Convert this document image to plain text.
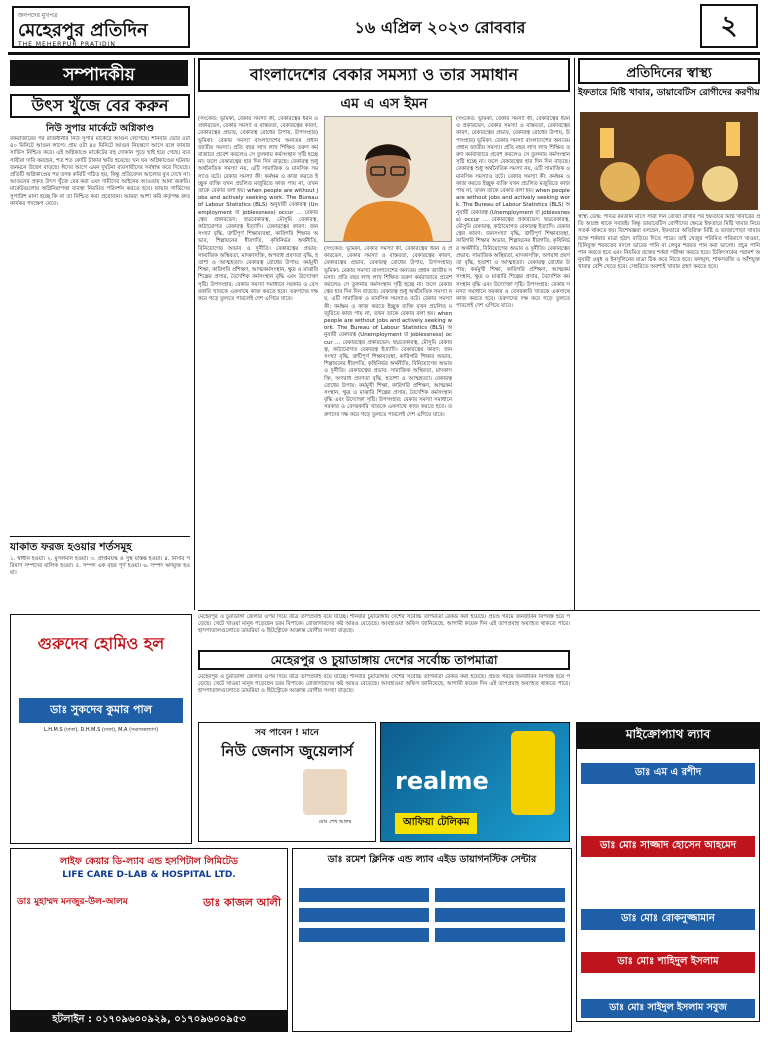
জনপদের মুখপত্র
মেহেরপুর প্রতিদিন
THE MEHERPUR PRATIDIN
১৬ এপ্রিল ২০২৩ রোববার	২
সম্পাদকীয়
উৎস খুঁজে বের করুন
নিউ সুপার মার্কেটে অগ্নিকাণ্ড
বকবাজারের পর রাজধানীর নিউ সুপার মার্কেটে আগুন লেগেছে। শনিবার ভোর ৫টা ৪০ মিনিটে আগুন লাগে। প্রায় ৫টা ৪৫ মিনিটে আগুন নিয়ন্ত্রণে আসে বলে ফায়ার সার্ভিস নিশ্চিত করে। এই অগ্নিকাণ্ডে মার্কেটের বহু দোকান পুড়ে ছাই হয়ে গেছে। ব্যবসায়ীরা দাবি করছেন, শত শত কোটি টাকার ক্ষতি হয়েছে। ঘন ঘন অগ্নিকাণ্ডের ঘটনায় জনমনে উদ্বেগ বাড়ছে। ঈদের আগে এমন দুর্ঘটনা ব্যবসায়ীদের সর্বস্বান্ত করে দিয়েছে। প্রতিটি অগ্নিকাণ্ডের পর তদন্ত কমিটি গঠিত হয়, কিন্তু প্রতিবেদন আলোর মুখ দেখে না। আগুনের প্রকৃত উৎস খুঁজে বের করা এবং দায়ীদের আইনের আওতায় আনা জরুরি। মার্কেটগুলোর অগ্নিনিরাপত্তা ব্যবস্থা নিয়মিত পরিদর্শন করতে হবে। ফায়ার সার্ভিসের সুপারিশ মানা হচ্ছে কি না তা নিশ্চিত করা প্রয়োজন। আমরা আশা করি কর্তৃপক্ষ দ্রুত কার্যকর পদক্ষেপ নেবে।
যাকাত ফরজ হওয়ার শর্তসমূহ
১. স্বাধীন হওয়া। ২. মুসলমান হওয়া। ৩. প্রাপ্তবয়স্ক ও সুস্থ মস্তিষ্ক হওয়া। ৪. নিসাব পরিমাণ সম্পদের মালিক হওয়া। ৫. সম্পদ এক বছর পূর্ণ হওয়া। ৬. সম্পদ ঋণমুক্ত হওয়া।
বাংলাদেশের বেকার সমস্যা ও তার সমাধান
এম এ এস ইমন
(সংকেত: ভূমিকা, বেকার সমস্যা কী, বেকারত্বের ধরন ও প্রকারভেদ, বেকার সমস্যা ও বাস্তবতা, বেকারত্বের কারণ, বেকারত্বের প্রভাব, বেকারত্ব রোধের উপায়, উপসংহার) ভূমিকা: বেকার সমস্যা বাংলাদেশের অন্যতম প্রধান জাতীয় সমস্যা। প্রতি বছর লাখ লাখ শিক্ষিত তরুণ কর্মবাজারে প্রবেশ করলেও সে তুলনায় কর্মসংস্থান সৃষ্টি হচ্ছে না। ফলে বেকারত্বের হার দিন দিন বাড়ছে। বেকারত্ব শুধু অর্থনৈতিক সমস্যা নয়, এটি সামাজিক ও মানসিক সমস্যাও বটে। বেকার সমস্যা কী: কর্মক্ষম ও কাজ করতে ইচ্ছুক ব্যক্তি যখন প্রচলিত মজুরিতে কাজ পায় না, তখন তাকে বেকার বলা হয়। when people are without jobs and actively seeking work. The Bureau of Labour Statistics (BLS) অনুযায়ী বেকারত্ব (Unemployment বা joblessness) occur ... বেকারত্বের প্রকারভেদ: ছদ্মবেকারত্ব, মৌসুমি বেকারত্ব, কাঠামোগত বেকারত্ব ইত্যাদি। বেকারত্বের কারণ: জনসংখ্যা বৃদ্ধি, ত্রুটিপূর্ণ শিক্ষাব্যবস্থা, কারিগরি শিক্ষার অভাব, শিল্পায়নের ধীরগতি, কৃষিনির্ভর অর্থনীতি, বিনিয়োগের অভাব ও দুর্নীতি। বেকারত্বের প্রভাব: সামাজিক অস্থিরতা, মাদকাসক্তি, অপরাধ প্রবণতা বৃদ্ধি, হতাশা ও আত্মহত্যা। বেকারত্ব রোধের উপায়: কর্মমুখী শিক্ষা, কারিগরি প্রশিক্ষণ, আত্মকর্মসংস্থান, ক্ষুদ্র ও মাঝারি শিল্পের প্রসার, বৈদেশিক কর্মসংস্থান বৃদ্ধি এবং উদ্যোক্তা সৃষ্টি। উপসংহার: বেকার সমস্যা সমাধানে সরকার ও বেসরকারি খাতকে একসাথে কাজ করতে হবে। তরুণদের দক্ষ করে গড়ে তুলতে পারলেই দেশ এগিয়ে যাবে।
(সংকেত: ভূমিকা, বেকার সমস্যা কী, বেকারত্বের ধরন ও প্রকারভেদ, বেকার সমস্যা ও বাস্তবতা, বেকারত্বের কারণ, বেকারত্বের প্রভাব, বেকারত্ব রোধের উপায়, উপসংহার) ভূমিকা: বেকার সমস্যা বাংলাদেশের অন্যতম প্রধান জাতীয় সমস্যা। প্রতি বছর লাখ লাখ শিক্ষিত তরুণ কর্মবাজারে প্রবেশ করলেও সে তুলনায় কর্মসংস্থান সৃষ্টি হচ্ছে না। ফলে বেকারত্বের হার দিন দিন বাড়ছে। বেকারত্ব শুধু অর্থনৈতিক সমস্যা নয়, এটি সামাজিক ও মানসিক সমস্যাও বটে। বেকার সমস্যা কী: কর্মক্ষম ও কাজ করতে ইচ্ছুক ব্যক্তি যখন প্রচলিত মজুরিতে কাজ পায় না, তখন তাকে বেকার বলা হয়। when people are without jobs and actively seeking work. The Bureau of Labour Statistics (BLS) অনুযায়ী বেকারত্ব (Unemployment বা joblessness) occur ... বেকারত্বের প্রকারভেদ: ছদ্মবেকারত্ব, মৌসুমি বেকারত্ব, কাঠামোগত বেকারত্ব ইত্যাদি। বেকারত্বের কারণ: জনসংখ্যা বৃদ্ধি, ত্রুটিপূর্ণ শিক্ষাব্যবস্থা, কারিগরি শিক্ষার অভাব, শিল্পায়নের ধীরগতি, কৃষিনির্ভর অর্থনীতি, বিনিয়োগের অভাব ও দুর্নীতি। বেকারত্বের প্রভাব: সামাজিক অস্থিরতা, মাদকাসক্তি, অপরাধ প্রবণতা বৃদ্ধি, হতাশা ও আত্মহত্যা। বেকারত্ব রোধের উপায়: কর্মমুখী শিক্ষা, কারিগরি প্রশিক্ষণ, আত্মকর্মসংস্থান, ক্ষুদ্র ও মাঝারি শিল্পের প্রসার, বৈদেশিক কর্মসংস্থান বৃদ্ধি এবং উদ্যোক্তা সৃষ্টি। উপসংহার: বেকার সমস্যা সমাধানে সরকার ও বেসরকারি খাতকে একসাথে কাজ করতে হবে। তরুণদের দক্ষ করে গড়ে তুলতে পারলেই দেশ এগিয়ে যাবে।
(সংকেত: ভূমিকা, বেকার সমস্যা কী, বেকারত্বের ধরন ও প্রকারভেদ, বেকার সমস্যা ও বাস্তবতা, বেকারত্বের কারণ, বেকারত্বের প্রভাব, বেকারত্ব রোধের উপায়, উপসংহার) ভূমিকা: বেকার সমস্যা বাংলাদেশের অন্যতম প্রধান জাতীয় সমস্যা। প্রতি বছর লাখ লাখ শিক্ষিত তরুণ কর্মবাজারে প্রবেশ করলেও সে তুলনায় কর্মসংস্থান সৃষ্টি হচ্ছে না। ফলে বেকারত্বের হার দিন দিন বাড়ছে। বেকারত্ব শুধু অর্থনৈতিক সমস্যা নয়, এটি সামাজিক ও মানসিক সমস্যাও বটে। বেকার সমস্যা কী: কর্মক্ষম ও কাজ করতে ইচ্ছুক ব্যক্তি যখন প্রচলিত মজুরিতে কাজ পায় না, তখন তাকে বেকার বলা হয়। when people are without jobs and actively seeking work. The Bureau of Labour Statistics (BLS) অনুযায়ী বেকারত্ব (Unemployment বা joblessness) occur ... বেকারত্বের প্রকারভেদ: ছদ্মবেকারত্ব, মৌসুমি বেকারত্ব, কাঠামোগত বেকারত্ব ইত্যাদি। বেকারত্বের কারণ: জনসংখ্যা বৃদ্ধি, ত্রুটিপূর্ণ শিক্ষাব্যবস্থা, কারিগরি শিক্ষার অভাব, শিল্পায়নের ধীরগতি, কৃষিনির্ভর অর্থনীতি, বিনিয়োগের অভাব ও দুর্নীতি। বেকারত্বের প্রভাব: সামাজিক অস্থিরতা, মাদকাসক্তি, অপরাধ প্রবণতা বৃদ্ধি, হতাশা ও আত্মহত্যা। বেকারত্ব রোধের উপায়: কর্মমুখী শিক্ষা, কারিগরি প্রশিক্ষণ, আত্মকর্মসংস্থান, ক্ষুদ্র ও মাঝারি শিল্পের প্রসার, বৈদেশিক কর্মসংস্থান বৃদ্ধি এবং উদ্যোক্তা সৃষ্টি। উপসংহার: বেকার সমস্যা সমাধানে সরকার ও বেসরকারি খাতকে একসাথে কাজ করতে হবে। তরুণদের দক্ষ করে গড়ে তুলতে পারলেই দেশ এগিয়ে যাবে।
প্রতিদিনের স্বাস্থ্য
ইফতারে মিষ্টি খাবার, ডায়াবেটিস রোগীদের করণীয়
স্বাস্থ্য ডেস্ক: পবিত্র রমজান মাসে সারা দিন রোজা রাখার পর ইফতারে মিষ্টি খাবারের প্রতি আগ্রহ থাকে সবারই। কিন্তু ডায়াবেটিস রোগীদের ক্ষেত্রে ইফতারে মিষ্টি খাবার নিয়ে সতর্ক থাকতে হয়। বিশেষজ্ঞরা বলছেন, ইফতারে অতিরিক্ত মিষ্টি ও ভাজাপোড়া খাবার রক্তে শর্করার মাত্রা হঠাৎ বাড়িয়ে দিতে পারে। তাই খেজুর পরিমিত পরিমাণে খাওয়া, চিনিযুক্ত শরবতের বদলে ডাবের পানি বা লেবুর শরবত পান করা ভালো। প্রচুর পানি পান করতে হবে এবং নিয়মিত রক্তের শর্করা পরীক্ষা করতে হবে। চিকিৎসকের পরামর্শ অনুযায়ী ওষুধ ও ইনসুলিনের মাত্রা ঠিক করে নিতে হবে। ফলমূল, শাকসবজি ও আঁশযুক্ত খাবার বেশি খেতে হবে। সেহরিতে অবশ্যই খাবার গ্রহণ করতে হবে।
মেহেরপুর ও চুয়াডাঙ্গায় দেশের সর্বোচ্চ তাপমাত্রা
মেহেরপুর ও চুয়াডাঙ্গা জেলার ওপর দিয়ে তীব্র তাপপ্রবাহ বয়ে যাচ্ছে। শনিবার চুয়াডাঙ্গায় দেশের সর্বোচ্চ তাপমাত্রা রেকর্ড করা হয়েছে। প্রচণ্ড গরমে জনজীবন বিপর্যস্ত হয়ে পড়েছে। খেটে খাওয়া মানুষ পড়েছেন চরম বিপাকে। রোজাদারদের কষ্ট আরও বেড়েছে। আবহাওয়া অফিস জানিয়েছে, আগামী কয়েক দিন এই তাপপ্রবাহ অব্যাহত থাকতে পারে। হাসপাতালগুলোতে ডায়রিয়া ও হিটস্ট্রোকে আক্রান্ত রোগীর সংখ্যা বাড়ছে।
মেহেরপুর ও চুয়াডাঙ্গা জেলার ওপর দিয়ে তীব্র তাপপ্রবাহ বয়ে যাচ্ছে। শনিবার চুয়াডাঙ্গায় দেশের সর্বোচ্চ তাপমাত্রা রেকর্ড করা হয়েছে। প্রচণ্ড গরমে জনজীবন বিপর্যস্ত হয়ে পড়েছে। খেটে খাওয়া মানুষ পড়েছেন চরম বিপাকে। রোজাদারদের কষ্ট আরও বেড়েছে। আবহাওয়া অফিস জানিয়েছে, আগামী কয়েক দিন এই তাপপ্রবাহ অব্যাহত থাকতে পারে। হাসপাতালগুলোতে ডায়রিয়া ও হিটস্ট্রোকে আক্রান্ত রোগীর সংখ্যা বাড়ছে।
গুরুদেব হোমিও হল
ডাঃ সুকদেব কুমার পাল
L.H.M.S (ঢাকা), D.H.M.S (ঢাকা), M.A (সমাজকল্যাণ)	সব পাবেন ! মানে
নিউ জেনাস জুয়েলার্স
মোঃ শেখ আলম
realme
আফিয়া টেলিকম
মাইক্রোপ্যাথ ল্যাব
ডাঃ এম এ রশীদ
ডাঃ মোঃ সাজ্জাদ হোসেন আহমেদ
ডাঃ মোঃ রোকনুজ্জামান
ডাঃ মোঃ শাহিদুল ইসলাম
ডাঃ মোঃ সাইদুল ইসলাম সবুজ
লাইফ কেয়ার ডি-ল্যাব এন্ড হসপিটাল লিমিটেড
LIFE CARE D-LAB & HOSPITAL LTD.
ডাঃ মুহাম্মদ মনজুর-উল-আলম	ডাঃ কাজল আলী
হটলাইন : ০১৭০৯৬০০৯২৯, ০১৭০৯৬০০৯৫৩
ডাঃ রমেশ ক্লিনিক এন্ড ল্যাব এইড ডায়াগনস্টিক সেন্টার
